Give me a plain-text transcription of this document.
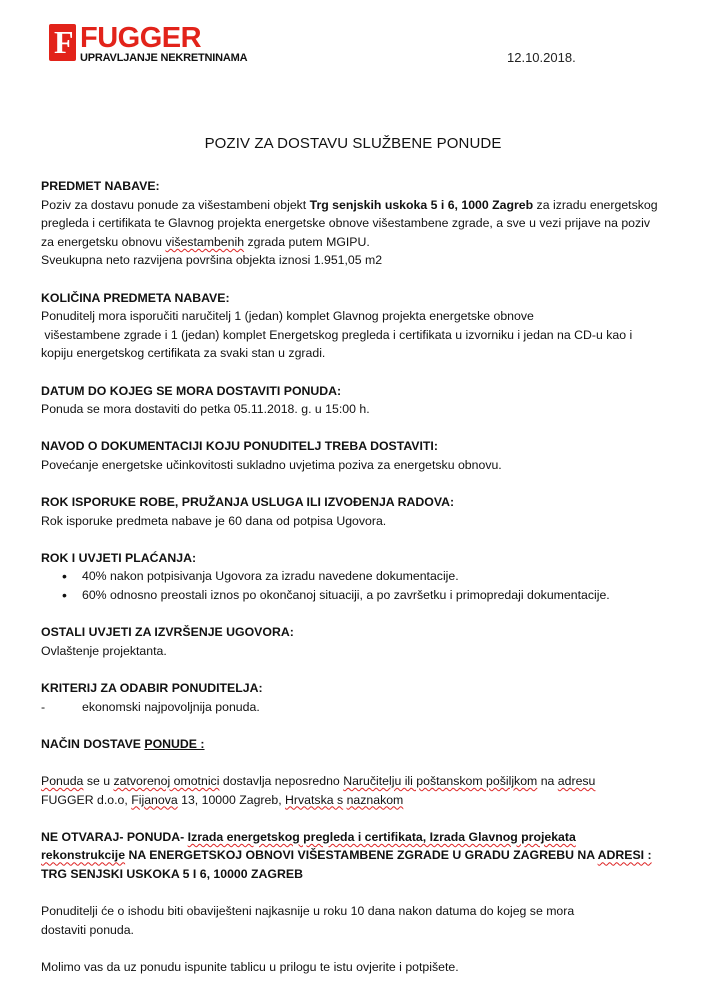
F FUGGER
UPRAVLJANJE NEKRETNINAMA	12.10.2018.
POZIV ZA DOSTAVU SLUŽBENE PONUDE

PREDMET NABAVE:

Poziv za dostavu ponude za višestambeni objekt Trg senjskih uskoka 5 i 6, 1000 Zagreb za izradu energetskog

pregleda i certifikata te Glavnog projekta energetske obnove višestambene zgrade, a sve u vezi prijave na poziv

za energetsku obnovu višestambenih zgrada putem MGIPU.

Sveukupna neto razvijena površina objekta iznosi 1.951,05 m2

KOLIČINA PREDMETA NABAVE:

Ponuditelj mora isporučiti naručitelj 1 (jedan) komplet Glavnog projekta energetske obnove

višestambene zgrade i 1 (jedan) komplet Energetskog pregleda i certifikata u izvorniku i jedan na CD-u kao i

kopiju energetskog certifikata za svaki stan u zgradi.

DATUM DO KOJEG SE MORA DOSTAVITI PONUDA:

Ponuda se mora dostaviti do petka 05.11.2018. g. u 15:00 h.

NAVOD O DOKUMENTACIJI KOJU PONUDITELJ TREBA DOSTAVITI:

Povećanje energetske učinkovitosti sukladno uvjetima poziva za energetsku obnovu.

ROK ISPORUKE ROBE, PRUŽANJA USLUGA ILI IZVOĐENJA RADOVA:

Rok isporuke predmeta nabave je 60 dana od potpisa Ugovora.

ROK I UVJETI PLAĆANJA:

• 40% nakon potpisivanja Ugovora za izradu navedene dokumentacije.
• 60% odnosno preostali iznos po okončanoj situaciji, a po završetku i primopredaji dokumentacije.

OSTALI UVJETI ZA IZVRŠENJE UGOVORA:

Ovlaštenje projektanta.

KRITERIJ ZA ODABIR PONUDITELJA:

-	ekonomski najpovoljnija ponuda.

NAČIN DOSTAVE PONUDE :

Ponuda se u zatvorenoj omotnici dostavlja neposredno Naručitelju ili poštanskom pošiljkom na adresu

FUGGER d.o.o, Fijanova 13, 10000 Zagreb, Hrvatska s naznakom

NE OTVARAJ- PONUDA- Izrada energetskog pregleda i certifikata, Izrada Glavnog projekata

rekonstrukcije NA ENERGETSKOJ OBNOVI VIŠESTAMBENE ZGRADE U GRADU ZAGREBU NA ADRESI :

TRG SENJSKI USKOKA 5 I 6, 10000 ZAGREB

Ponuditelji će o ishodu biti obaviješteni najkasnije u roku 10 dana nakon datuma do kojeg se mora

dostaviti ponuda.

Molimo vas da uz ponudu ispunite tablicu u prilogu te istu ovjerite i potpišete.
